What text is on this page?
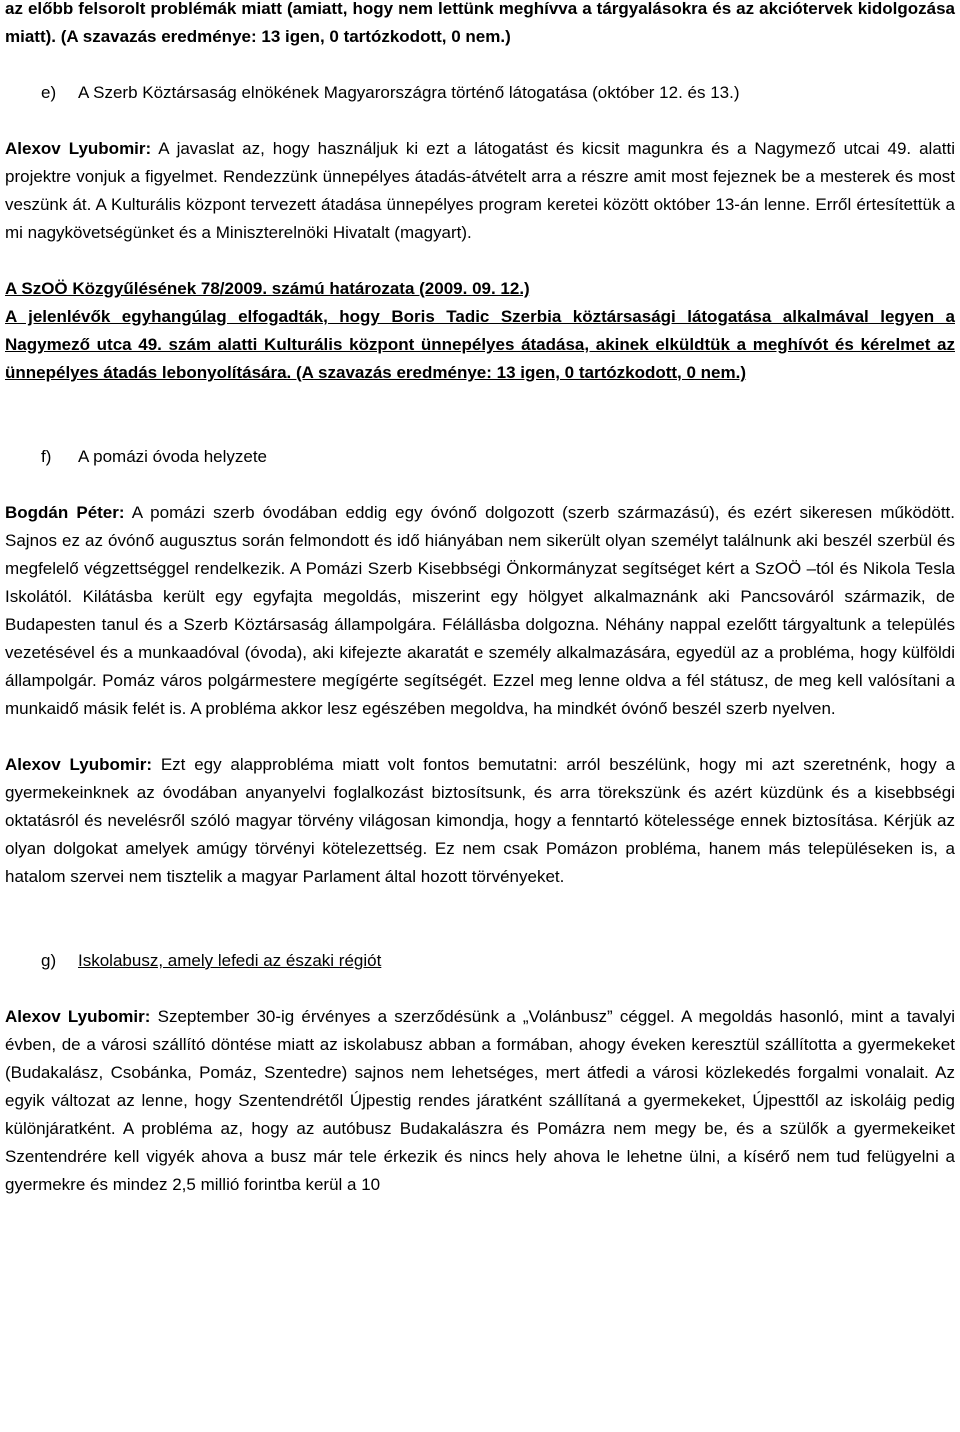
az előbb felsorolt problémák miatt (amiatt, hogy nem lettünk meghívva a tárgyalásokra és az akciótervek kidolgozása miatt). (A szavazás eredménye: 13 igen, 0 tartózkodott, 0 nem.)

e) A Szerb Köztársaság elnökének Magyarországra történő látogatása (október 12. és 13.)

Alexov Lyubomir: A javaslat az, hogy használjuk ki ezt a látogatást és kicsit magunkra és a Nagymező utcai 49. alatti projektre vonjuk a figyelmet. Rendezzünk ünnepélyes átadás-átvételt arra a részre amit most fejeznek be a mesterek és most veszünk át. A Kulturális központ tervezett átadása ünnepélyes program keretei között október 13-án lenne. Erről értesítettük a mi nagykövetségünket és a Miniszterelnöki Hivatalt (magyart).

A SzOÖ Közgyűlésének 78/2009. számú határozata (2009. 09. 12.)

A jelenlévők egyhangúlag elfogadták, hogy Boris Tadic Szerbia köztársasági látogatása alkalmával legyen a Nagymező utca 49. szám alatti Kulturális központ ünnepélyes átadása, akinek elküldtük a meghívót és kérelmet az ünnepélyes átadás lebonyolítására. (A szavazás eredménye: 13 igen, 0 tartózkodott, 0 nem.)

f) A pomázi óvoda helyzete

Bogdán Péter: A pomázi szerb óvodában eddig egy óvónő dolgozott (szerb származású), és ezért sikeresen működött. Sajnos ez az óvónő augusztus során felmondott és idő hiányában nem sikerült olyan személyt találnunk aki beszél szerbül és megfelelő végzettséggel rendelkezik. A Pomázi Szerb Kisebbségi Önkormányzat segítséget kért a SzOÖ –tól és Nikola Tesla Iskolától. Kilátásba került egy egyfajta megoldás, miszerint egy hölgyet alkalmaznánk aki Pancsováról származik, de Budapesten tanul és a Szerb Köztársaság állampolgára. Félállásba dolgozna. Néhány nappal ezelőtt tárgyaltunk a település vezetésével és a munkaadóval (óvoda), aki kifejezte akaratát e személy alkalmazására, egyedül az a probléma, hogy külföldi állampolgár. Pomáz város polgármestere megígérte segítségét. Ezzel meg lenne oldva a fél státusz, de meg kell valósítani a munkaidő másik felét is. A probléma akkor lesz egészében megoldva, ha mindkét óvónő beszél szerb nyelven.

Alexov Lyubomir: Ezt egy alapprobléma miatt volt fontos bemutatni: arról beszélünk, hogy mi azt szeretnénk, hogy a gyermekeinknek az óvodában anyanyelvi foglalkozást biztosítsunk, és arra törekszünk és azért küzdünk és a kisebbségi oktatásról és nevelésről szóló magyar törvény világosan kimondja, hogy a fenntartó kötelessége ennek biztosítása. Kérjük az olyan dolgokat amelyek amúgy törvényi kötelezettség. Ez nem csak Pomázon probléma, hanem más településeken is, a hatalom szervei nem tisztelik a magyar Parlament által hozott törvényeket.

g) Iskolabusz, amely lefedi az északi régiót

Alexov Lyubomir: Szeptember 30-ig érvényes a szerződésünk a „Volánbusz” céggel. A megoldás hasonló, mint a tavalyi évben, de a városi szállító döntése miatt az iskolabusz abban a formában, ahogy éveken keresztül szállította a gyermekeket (Budakalász, Csobánka, Pomáz, Szentedre) sajnos nem lehetséges, mert átfedi a városi közlekedés forgalmi vonalait. Az egyik változat az lenne, hogy Szentendrétől Újpestig rendes járatként szállítaná a gyermekeket, Újpesttől az iskoláig pedig különjáratként. A probléma az, hogy az autóbusz Budakalászra és Pomázra nem megy be, és a szülők a gyermekeiket Szentendrére kell vigyék ahova a busz már tele érkezik és nincs hely ahova le lehetne ülni, a kísérő nem tud felügyelni a gyermekre és mindez 2,5 millió forintba kerül a 10
